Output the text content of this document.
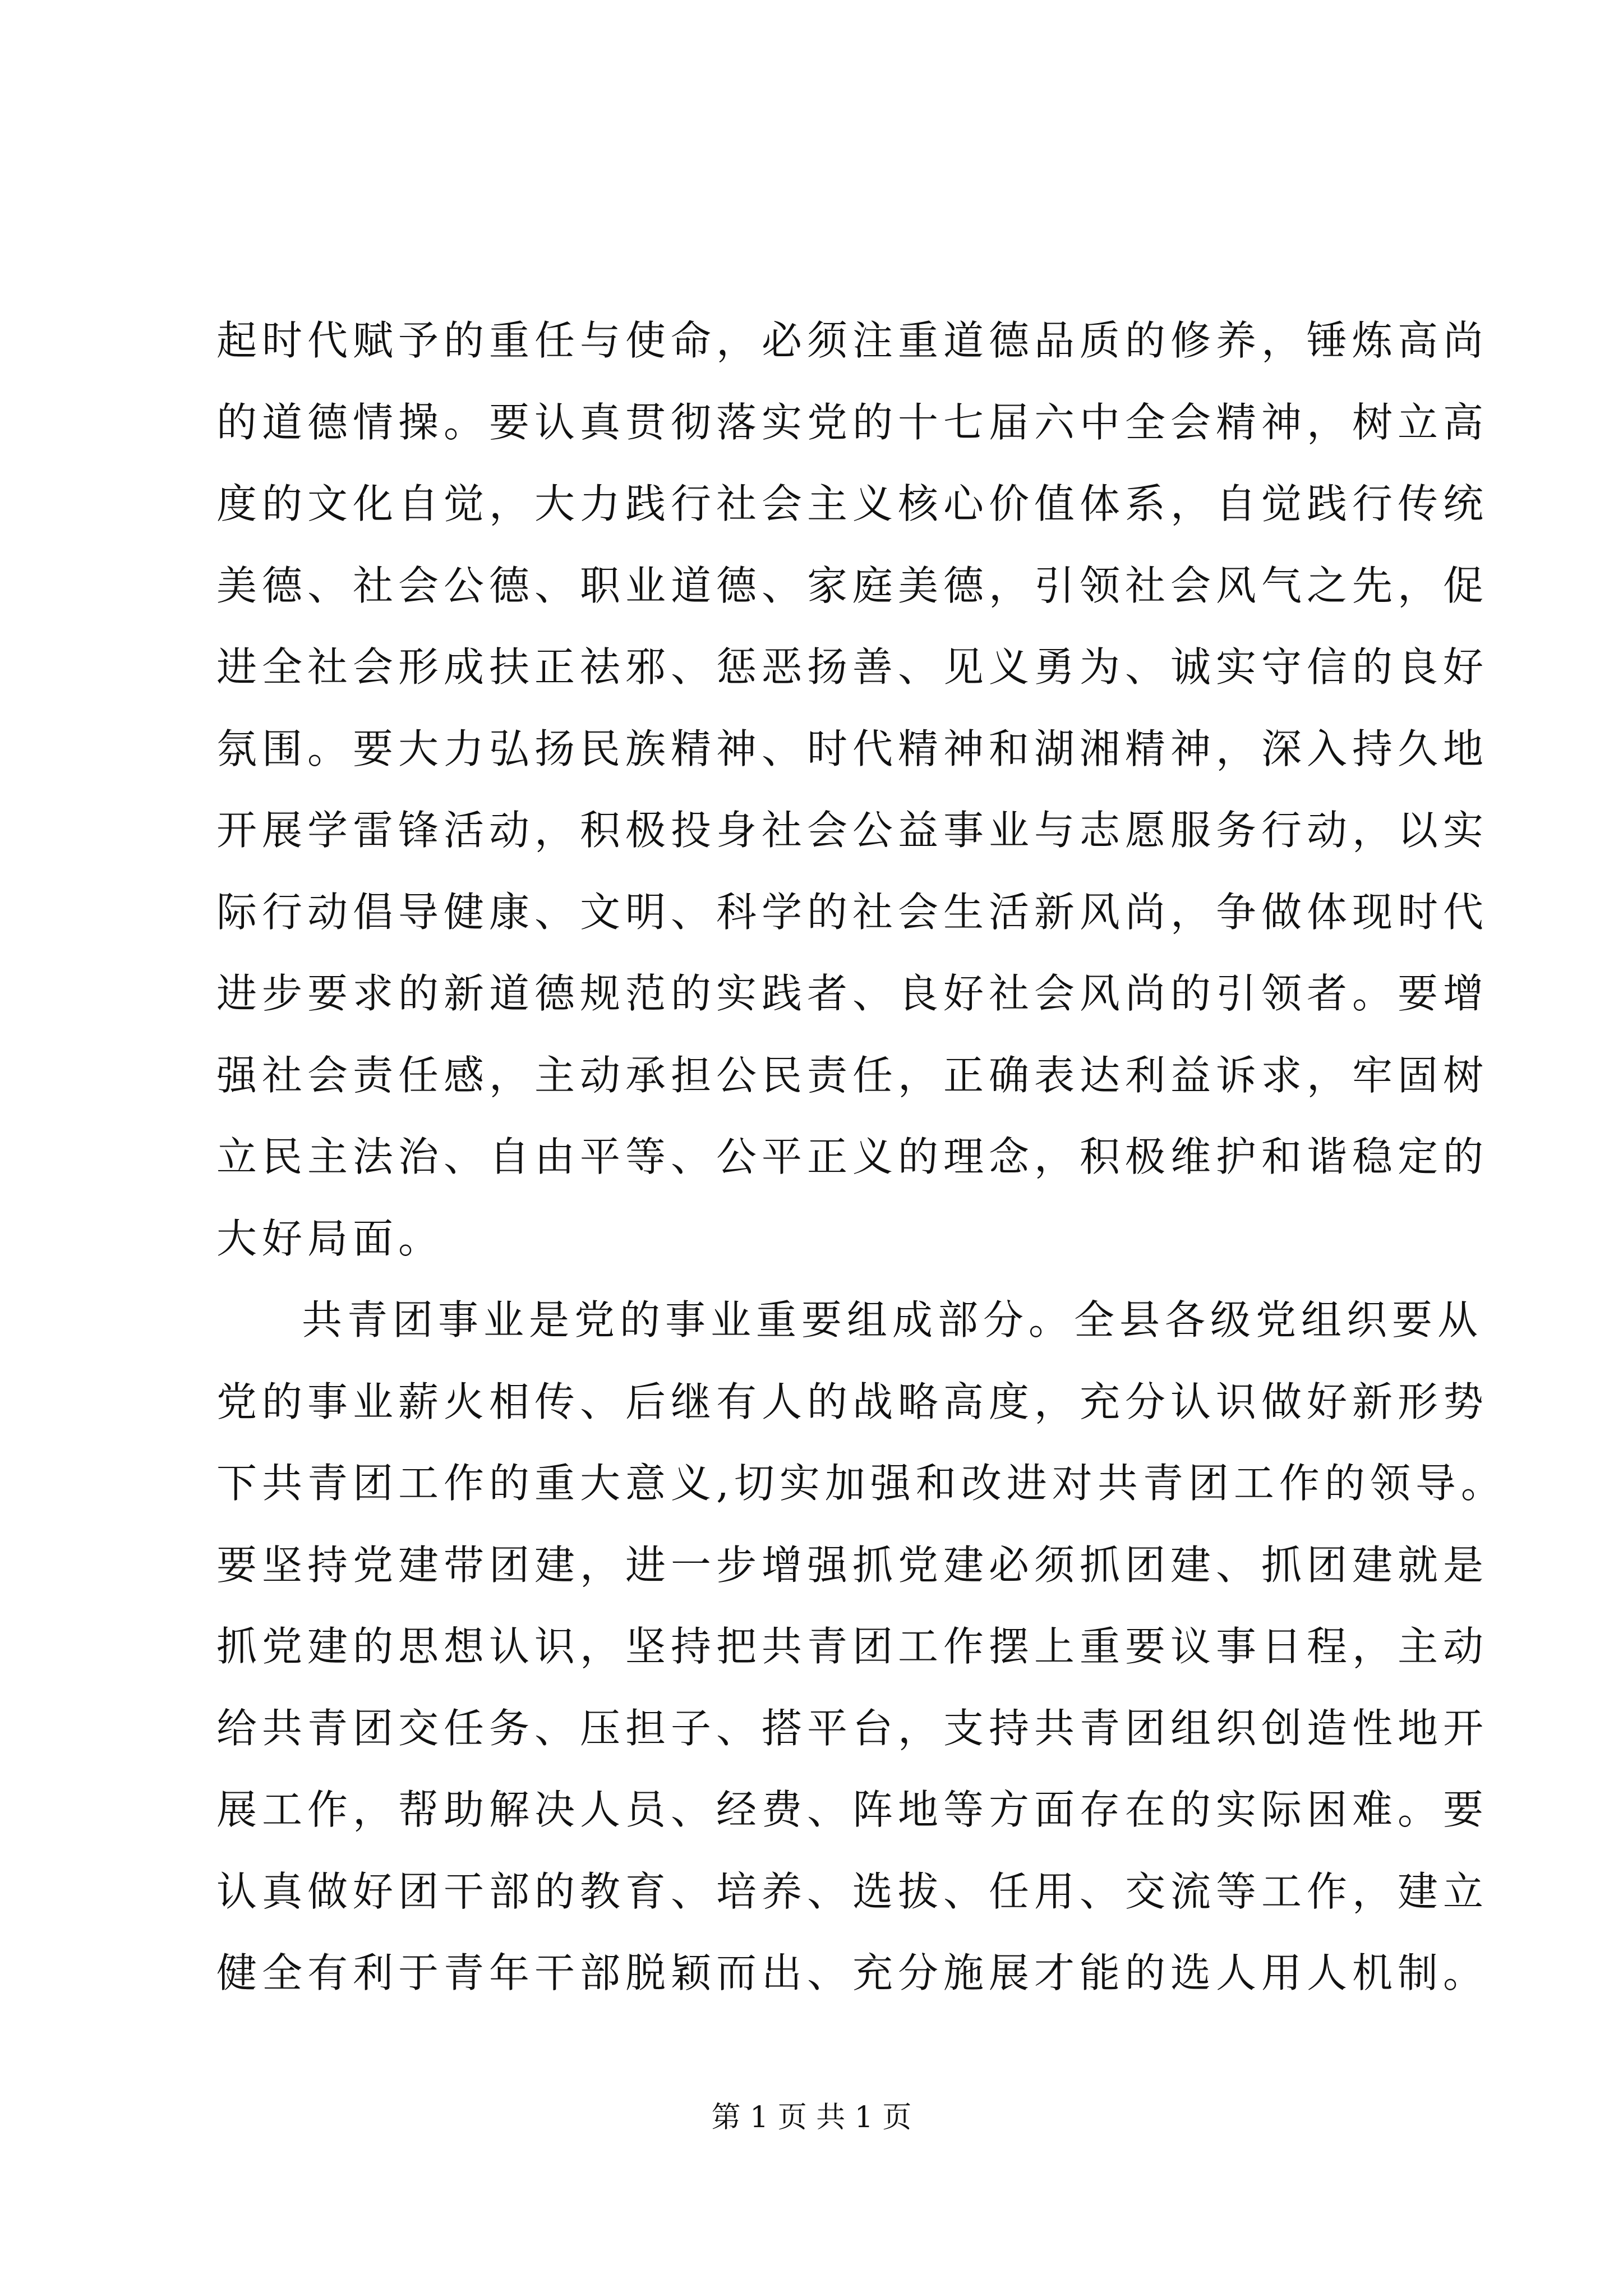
起时代赋予的重任与使命，必须注重道德品质的修养，锤炼高尚
的道德情操。要认真贯彻落实党的十七届六中全会精神，树立高
度的文化自觉，大力践行社会主义核心价值体系，自觉践行传统
美德、社会公德、职业道德、家庭美德，引领社会风气之先，促
进全社会形成扶正祛邪、惩恶扬善、见义勇为、诚实守信的良好
氛围。要大力弘扬民族精神、时代精神和湖湘精神，深入持久地
开展学雷锋活动，积极投身社会公益事业与志愿服务行动，以实
际行动倡导健康、文明、科学的社会生活新风尚，争做体现时代
进步要求的新道德规范的实践者、良好社会风尚的引领者。要增
强社会责任感，主动承担公民责任，正确表达利益诉求，牢固树
立民主法治、自由平等、公平正义的理念，积极维护和谐稳定的
大好局面。
共青团事业是党的事业重要组成部分。全县各级党组织要从
党的事业薪火相传、后继有人的战略高度，充分认识做好新形势
下共青团工作的重大意义,切实加强和改进对共青团工作的领导。
要坚持党建带团建，进一步增强抓党建必须抓团建、抓团建就是
抓党建的思想认识，坚持把共青团工作摆上重要议事日程，主动
给共青团交任务、压担子、搭平台，支持共青团组织创造性地开
展工作，帮助解决人员、经费、阵地等方面存在的实际困难。要
认真做好团干部的教育、培养、选拔、任用、交流等工作，建立
健全有利于青年干部脱颖而出、充分施展才能的选人用人机制。
第 1 页 共 1 页
